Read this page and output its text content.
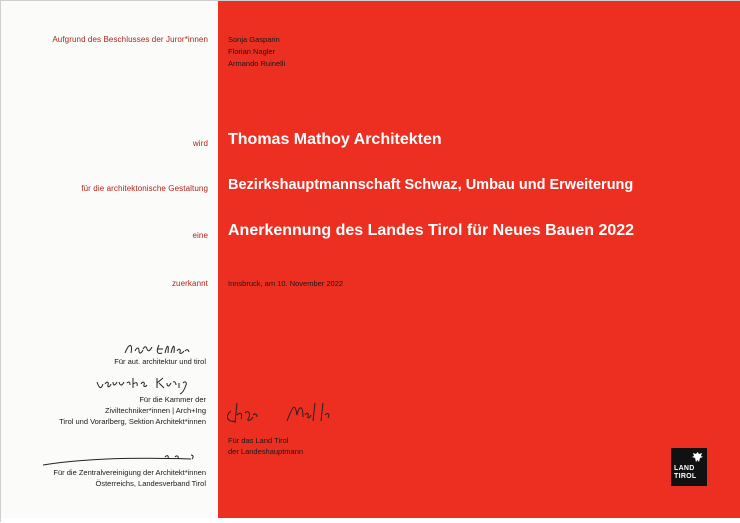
Aufgrund des Beschlusses der Juror*innen	Sonja Gasparin
Florian Nagler
Armando Ruinelli
wird Thomas Mathoy Architekten
für die architektonische Gestaltung Bezirkshauptmannschaft Schwaz, Umbau und Erweiterung
eine Anerkennung des Landes Tirol für Neues Bauen 2022
zuerkannt	Innsbruck, am 10. November 2022
Für aut. architektur und tirol
Für die Kammer der
Ziviltechniker*innen | Arch+Ing
Tirol und Vorarlberg, Sektion Architekt*innen
Für die Zentralvereinigung der Architekt*innen
Österreichs, Landesverband Tirol
Für das Land Tirol
der Landeshauptmann
LAND
TIROL
